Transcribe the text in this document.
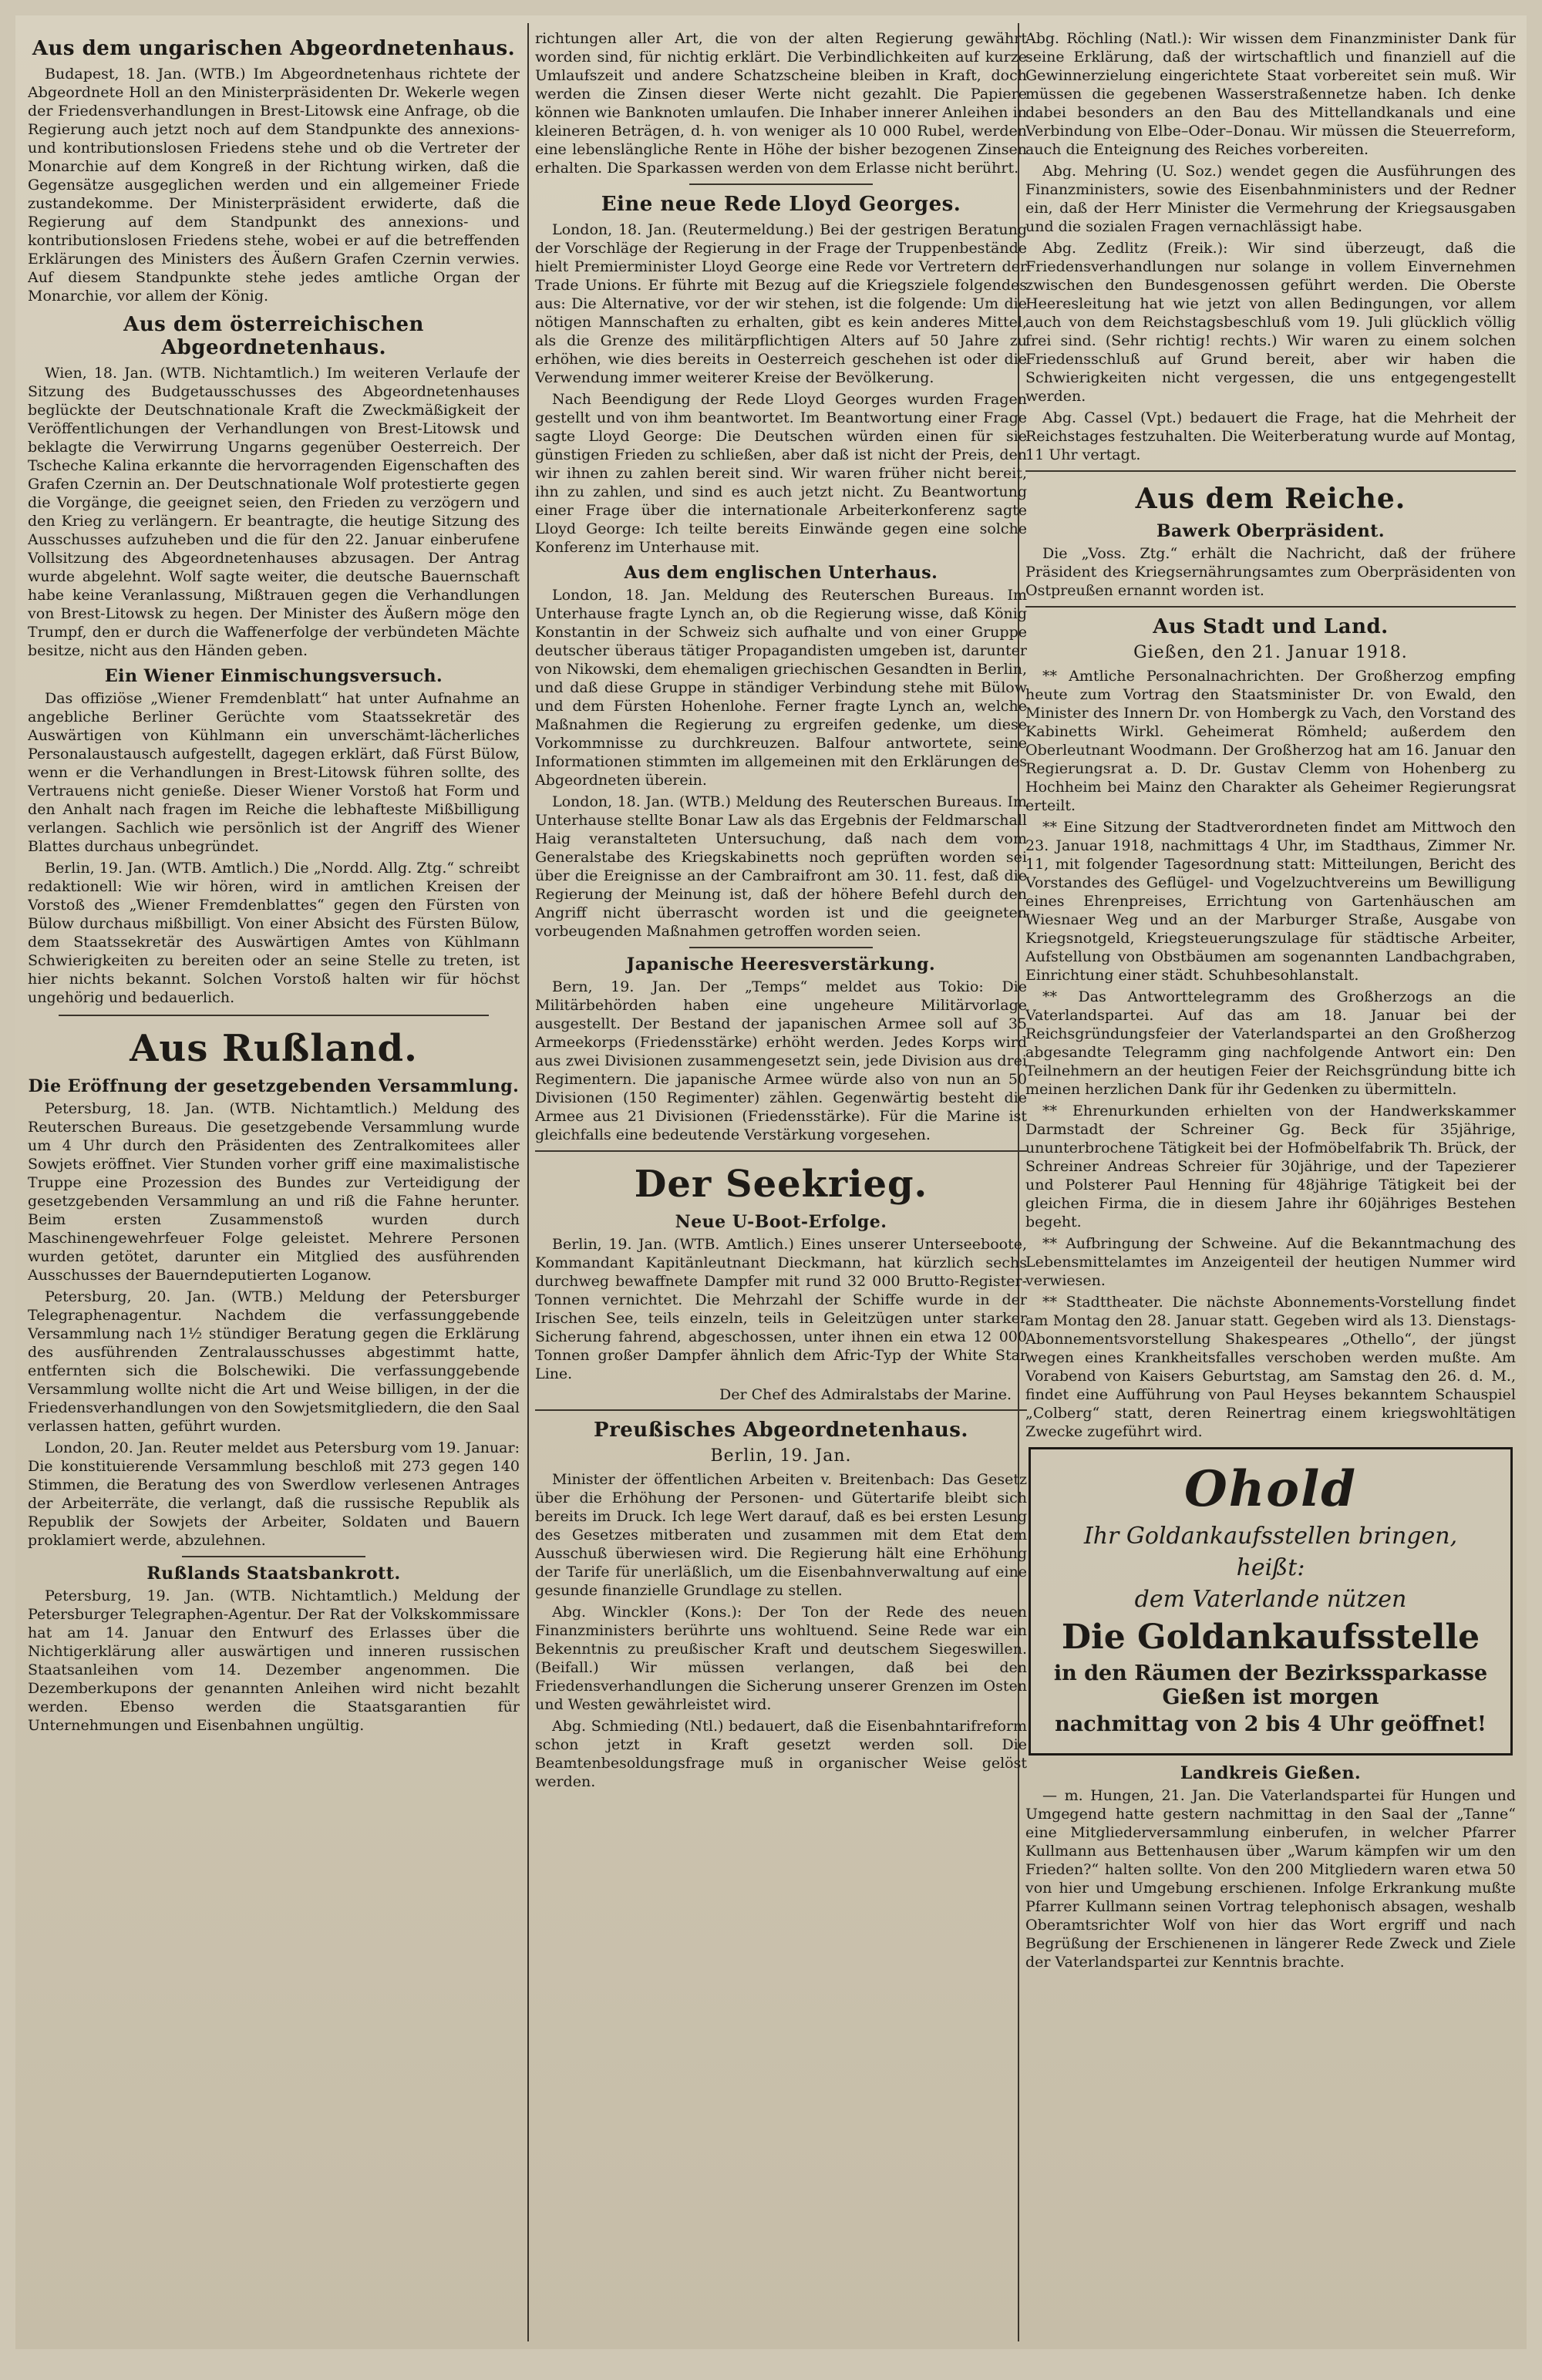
Aus dem ungarischen Abgeordnetenhaus.

Budapest, 18. Jan. (WTB.) Im Abgeordnetenhaus richtete der Abgeordnete Holl an den Ministerpräsidenten Dr. Wekerle wegen der Friedensverhandlungen in Brest-Litowsk eine Anfrage, ob die Regierung auch jetzt noch auf dem Standpunkte des annexions- und kontributionslosen Friedens stehe und ob die Vertreter der Monarchie auf dem Kongreß in der Richtung wirken, daß die Gegensätze ausgeglichen werden und ein allgemeiner Friede zustandekomme. Der Ministerpräsident erwiderte, daß die Regierung auf dem Standpunkt des annexions- und kontributionslosen Friedens stehe, wobei er auf die betreffenden Erklärungen des Ministers des Äußern Grafen Czernin verwies. Auf diesem Standpunkte stehe jedes amtliche Organ der Monarchie, vor allem der König.

Aus dem österreichischen Abgeordnetenhaus.

Wien, 18. Jan. (WTB. Nichtamtlich.) Im weiteren Verlaufe der Sitzung des Budgetausschusses des Abgeordnetenhauses beglückte der Deutschnationale Kraft die Zweckmäßigkeit der Veröffentlichungen der Verhandlungen von Brest-Litowsk und beklagte die Verwirrung Ungarns gegenüber Oesterreich. Der Tscheche Kalina erkannte die hervorragenden Eigenschaften des Grafen Czernin an. Der Deutschnationale Wolf protestierte gegen die Vorgänge, die geeignet seien, den Frieden zu verzögern und den Krieg zu verlängern. Er beantragte, die heutige Sitzung des Ausschusses aufzuheben und die für den 22. Januar einberufene Vollsitzung des Abgeordnetenhauses abzusagen. Der Antrag wurde abgelehnt. Wolf sagte weiter, die deutsche Bauernschaft habe keine Veranlassung, Mißtrauen gegen die Verhandlungen von Brest-Litowsk zu hegen. Der Minister des Äußern möge den Trumpf, den er durch die Waffenerfolge der verbündeten Mächte besitze, nicht aus den Händen geben.

Ein Wiener Einmischungsversuch.

Das offiziöse „Wiener Fremdenblatt“ hat unter Aufnahme an angebliche Berliner Gerüchte vom Staatssekretär des Auswärtigen von Kühlmann ein unverschämt-lächerliches Personalaustausch aufgestellt, dagegen erklärt, daß Fürst Bülow, wenn er die Verhandlungen in Brest-Litowsk führen sollte, des Vertrauens nicht genieße. Dieser Wiener Vorstoß hat Form und den Anhalt nach fragen im Reiche die lebhafteste Mißbilligung verlangen. Sachlich wie persönlich ist der Angriff des Wiener Blattes durchaus unbegründet.

Berlin, 19. Jan. (WTB. Amtlich.) Die „Nordd. Allg. Ztg.“ schreibt redaktionell: Wie wir hören, wird in amtlichen Kreisen der Vorstoß des „Wiener Fremdenblattes“ gegen den Fürsten von Bülow durchaus mißbilligt. Von einer Absicht des Fürsten Bülow, dem Staatssekretär des Auswärtigen Amtes von Kühlmann Schwierigkeiten zu bereiten oder an seine Stelle zu treten, ist hier nichts bekannt. Solchen Vorstoß halten wir für höchst ungehörig und bedauerlich.

Aus Rußland.
Die Eröffnung der gesetzgebenden Versammlung.

Petersburg, 18. Jan. (WTB. Nichtamtlich.) Meldung des Reuterschen Bureaus. Die gesetzgebende Versammlung wurde um 4 Uhr durch den Präsidenten des Zentralkomitees aller Sowjets eröffnet. Vier Stunden vorher griff eine maximalistische Truppe eine Prozession des Bundes zur Verteidigung der gesetzgebenden Versammlung an und riß die Fahne herunter. Beim ersten Zusammenstoß wurden durch Maschinengewehrfeuer Folge geleistet. Mehrere Personen wurden getötet, darunter ein Mitglied des ausführenden Ausschusses der Bauerndeputierten Loganow.

Petersburg, 20. Jan. (WTB.) Meldung der Petersburger Telegraphenagentur. Nachdem die verfassunggebende Versammlung nach 1½ stündiger Beratung gegen die Erklärung des ausführenden Zentralausschusses abgestimmt hatte, entfernten sich die Bolschewiki. Die verfassunggebende Versammlung wollte nicht die Art und Weise billigen, in der die Friedensverhandlungen von den Sowjetsmitgliedern, die den Saal verlassen hatten, geführt wurden.

London, 20. Jan. Reuter meldet aus Petersburg vom 19. Januar: Die konstituierende Versammlung beschloß mit 273 gegen 140 Stimmen, die Beratung des von Swerdlow verlesenen Antrages der Arbeiterräte, die verlangt, daß die russische Republik als Republik der Sowjets der Arbeiter, Soldaten und Bauern proklamiert werde, abzulehnen.

Rußlands Staatsbankrott.

Petersburg, 19. Jan. (WTB. Nichtamtlich.) Meldung der Petersburger Telegraphen-Agentur. Der Rat der Volkskommissare hat am 14. Januar den Entwurf des Erlasses über die Nichtigerklärung aller auswärtigen und inneren russischen Staatsanleihen vom 14. Dezember angenommen. Die Dezemberkupons der genannten Anleihen wird nicht bezahlt werden. Ebenso werden die Staatsgarantien für Unternehmungen und Eisenbahnen ungültig.

richtungen aller Art, die von der alten Regierung gewährt worden sind, für nichtig erklärt. Die Verbindlichkeiten auf kurze Umlaufszeit und andere Schatzscheine bleiben in Kraft, doch werden die Zinsen dieser Werte nicht gezahlt. Die Papiere können wie Banknoten umlaufen. Die Inhaber innerer Anleihen in kleineren Beträgen, d. h. von weniger als 10 000 Rubel, werden eine lebenslängliche Rente in Höhe der bisher bezogenen Zinsen erhalten. Die Sparkassen werden von dem Erlasse nicht berührt.

Eine neue Rede Lloyd Georges.

London, 18. Jan. (Reutermeldung.) Bei der gestrigen Beratung der Vorschläge der Regierung in der Frage der Truppenbestände hielt Premierminister Lloyd George eine Rede vor Vertretern der Trade Unions. Er führte mit Bezug auf die Kriegsziele folgendes aus: Die Alternative, vor der wir stehen, ist die folgende: Um die nötigen Mannschaften zu erhalten, gibt es kein anderes Mittel, als die Grenze des militärpflichtigen Alters auf 50 Jahre zu erhöhen, wie dies bereits in Oesterreich geschehen ist oder die Verwendung immer weiterer Kreise der Bevölkerung.

Nach Beendigung der Rede Lloyd Georges wurden Fragen gestellt und von ihm beantwortet. Im Beantwortung einer Frage sagte Lloyd George: Die Deutschen würden einen für sie günstigen Frieden zu schließen, aber daß ist nicht der Preis, den wir ihnen zu zahlen bereit sind. Wir waren früher nicht bereit, ihn zu zahlen, und sind es auch jetzt nicht. Zu Beantwortung einer Frage über die internationale Arbeiterkonferenz sagte Lloyd George: Ich teilte bereits Einwände gegen eine solche Konferenz im Unterhause mit.

Aus dem englischen Unterhaus.

London, 18. Jan. Meldung des Reuterschen Bureaus. Im Unterhause fragte Lynch an, ob die Regierung wisse, daß König Konstantin in der Schweiz sich aufhalte und von einer Gruppe deutscher überaus tätiger Propagandisten umgeben ist, darunter von Nikowski, dem ehemaligen griechischen Gesandten in Berlin, und daß diese Gruppe in ständiger Verbindung stehe mit Bülow und dem Fürsten Hohenlohe. Ferner fragte Lynch an, welche Maßnahmen die Regierung zu ergreifen gedenke, um diese Vorkommnisse zu durchkreuzen. Balfour antwortete, seine Informationen stimmten im allgemeinen mit den Erklärungen des Abgeordneten überein.

London, 18. Jan. (WTB.) Meldung des Reuterschen Bureaus. Im Unterhause stellte Bonar Law als das Ergebnis der Feldmarschall Haig veranstalteten Untersuchung, daß nach dem vom Generalstabe des Kriegskabinetts noch geprüften worden sei über die Ereignisse an der Cambraifront am 30. 11. fest, daß die Regierung der Meinung ist, daß der höhere Befehl durch den Angriff nicht überrascht worden ist und die geeigneten vorbeugenden Maßnahmen getroffen worden seien.

Japanische Heeresverstärkung.

Bern, 19. Jan. Der „Temps“ meldet aus Tokio: Die Militärbehörden haben eine ungeheure Militärvorlage ausgestellt. Der Bestand der japanischen Armee soll auf 35 Armeekorps (Friedensstärke) erhöht werden. Jedes Korps wird aus zwei Divisionen zusammengesetzt sein, jede Division aus drei Regimentern. Die japanische Armee würde also von nun an 50 Divisionen (150 Regimenter) zählen. Gegenwärtig besteht die Armee aus 21 Divisionen (Friedensstärke). Für die Marine ist gleichfalls eine bedeutende Verstärkung vorgesehen.

Der Seekrieg.
Neue U-Boot-Erfolge.

Berlin, 19. Jan. (WTB. Amtlich.) Eines unserer Unterseeboote, Kommandant Kapitänleutnant Dieckmann, hat kürzlich sechs durchweg bewaffnete Dampfer mit rund 32 000 Brutto-Register-Tonnen vernichtet. Die Mehrzahl der Schiffe wurde in der Irischen See, teils einzeln, teils in Geleitzügen unter starker Sicherung fahrend, abgeschossen, unter ihnen ein etwa 12 000 Tonnen großer Dampfer ähnlich dem Afric-Typ der White Star Line.

Der Chef des Admiralstabs der Marine.

Preußisches Abgeordnetenhaus.
Berlin, 19. Jan.

Minister der öffentlichen Arbeiten v. Breitenbach: Das Gesetz über die Erhöhung der Personen- und Gütertarife bleibt sich bereits im Druck. Ich lege Wert darauf, daß es bei ersten Lesung des Gesetzes mitberaten und zusammen mit dem Etat dem Ausschuß überwiesen wird. Die Regierung hält eine Erhöhung der Tarife für unerläßlich, um die Eisenbahnverwaltung auf eine gesunde finanzielle Grundlage zu stellen.

Abg. Winckler (Kons.): Der Ton der Rede des neuen Finanzministers berührte uns wohltuend. Seine Rede war ein Bekenntnis zu preußischer Kraft und deutschem Siegeswillen. (Beifall.) Wir müssen verlangen, daß bei den Friedensverhandlungen die Sicherung unserer Grenzen im Osten und Westen gewährleistet wird.

Abg. Schmieding (Ntl.) bedauert, daß die Eisenbahntarifreform schon jetzt in Kraft gesetzt werden soll. Die Beamtenbesoldungsfrage muß in organischer Weise gelöst werden.

Abg. Röchling (Natl.): Wir wissen dem Finanzminister Dank für seine Erklärung, daß der wirtschaftlich und finanziell auf die Gewinnerzielung eingerichtete Staat vorbereitet sein muß. Wir müssen die gegebenen Wasserstraßennetze haben. Ich denke dabei besonders an den Bau des Mittellandkanals und eine Verbindung von Elbe–Oder–Donau. Wir müssen die Steuerreform, auch die Enteignung des Reiches vorbereiten.

Abg. Mehring (U. Soz.) wendet gegen die Ausführungen des Finanzministers, sowie des Eisenbahnministers und der Redner ein, daß der Herr Minister die Vermehrung der Kriegsausgaben und die sozialen Fragen vernachlässigt habe.

Abg. Zedlitz (Freik.): Wir sind überzeugt, daß die Friedensverhandlungen nur solange in vollem Einvernehmen zwischen den Bundesgenossen geführt werden. Die Oberste Heeresleitung hat wie jetzt von allen Bedingungen, vor allem auch von dem Reichstagsbeschluß vom 19. Juli glücklich völlig frei sind. (Sehr richtig! rechts.) Wir waren zu einem solchen Friedensschluß auf Grund bereit, aber wir haben die Schwierigkeiten nicht vergessen, die uns entgegengestellt werden.

Abg. Cassel (Vpt.) bedauert die Frage, hat die Mehrheit der Reichstages festzuhalten. Die Weiterberatung wurde auf Montag, 11 Uhr vertagt.

Aus dem Reiche.
Bawerk Oberpräsident.

Die „Voss. Ztg.“ erhält die Nachricht, daß der frühere Präsident des Kriegsernährungsamtes zum Oberpräsidenten von Ostpreußen ernannt worden ist.

Aus Stadt und Land.
Gießen, den 21. Januar 1918.

** Amtliche Personalnachrichten. Der Großherzog empfing heute zum Vortrag den Staatsminister Dr. von Ewald, den Minister des Innern Dr. von Hombergk zu Vach, den Vorstand des Kabinetts Wirkl. Geheimerat Römheld; außerdem den Oberleutnant Woodmann. Der Großherzog hat am 16. Januar den Regierungsrat a. D. Dr. Gustav Clemm von Hohenberg zu Hochheim bei Mainz den Charakter als Geheimer Regierungsrat erteilt.

** Eine Sitzung der Stadtverordneten findet am Mittwoch den 23. Januar 1918, nachmittags 4 Uhr, im Stadthaus, Zimmer Nr. 11, mit folgender Tagesordnung statt: Mitteilungen, Bericht des Vorstandes des Geflügel- und Vogelzuchtvereins um Bewilligung eines Ehrenpreises, Errichtung von Gartenhäuschen am Wiesnaer Weg und an der Marburger Straße, Ausgabe von Kriegsnotgeld, Kriegsteuerungszulage für städtische Arbeiter, Aufstellung von Obstbäumen am sogenannten Landbachgraben, Einrichtung einer städt. Schuhbesohlanstalt.

** Das Antworttelegramm des Großherzogs an die Vaterlandspartei. Auf das am 18. Januar bei der Reichsgründungsfeier der Vaterlandspartei an den Großherzog abgesandte Telegramm ging nachfolgende Antwort ein: Den Teilnehmern an der heutigen Feier der Reichsgründung bitte ich meinen herzlichen Dank für ihr Gedenken zu übermitteln.

** Ehrenurkunden erhielten von der Handwerkskammer Darmstadt der Schreiner Gg. Beck für 35jährige, ununterbrochene Tätigkeit bei der Hofmöbelfabrik Th. Brück, der Schreiner Andreas Schreier für 30jährige, und der Tapezierer und Polsterer Paul Henning für 48jährige Tätigkeit bei der gleichen Firma, die in diesem Jahre ihr 60jähriges Bestehen begeht.

** Aufbringung der Schweine. Auf die Bekanntmachung des Lebensmittelamtes im Anzeigenteil der heutigen Nummer wird verwiesen.

** Stadttheater. Die nächste Abonnements-Vorstellung findet am Montag den 28. Januar statt. Gegeben wird als 13. Dienstags-Abonnementsvorstellung Shakespeares „Othello“, der jüngst wegen eines Krankheitsfalles verschoben werden mußte. Am Vorabend von Kaisers Geburtstag, am Samstag den 26. d. M., findet eine Aufführung von Paul Heyses bekanntem Schauspiel „Colberg“ statt, deren Reinertrag einem kriegswohltätigen Zwecke zugeführt wird.

Ohold
Ihr Goldankaufsstellen bringen,
heißt:
dem Vaterlande nützen
Die Goldankaufsstelle
in den Räumen der Bezirkssparkasse Gießen ist morgen
nachmittag von 2 bis 4 Uhr geöffnet!
Landkreis Gießen.

— m. Hungen, 21. Jan. Die Vaterlandspartei für Hungen und Umgegend hatte gestern nachmittag in den Saal der „Tanne“ eine Mitgliederversammlung einberufen, in welcher Pfarrer Kullmann aus Bettenhausen über „Warum kämpfen wir um den Frieden?“ halten sollte. Von den 200 Mitgliedern waren etwa 50 von hier und Umgebung erschienen. Infolge Erkrankung mußte Pfarrer Kullmann seinen Vortrag telephonisch absagen, weshalb Oberamtsrichter Wolf von hier das Wort ergriff und nach Begrüßung der Erschienenen in längerer Rede Zweck und Ziele der Vaterlandspartei zur Kenntnis brachte.
